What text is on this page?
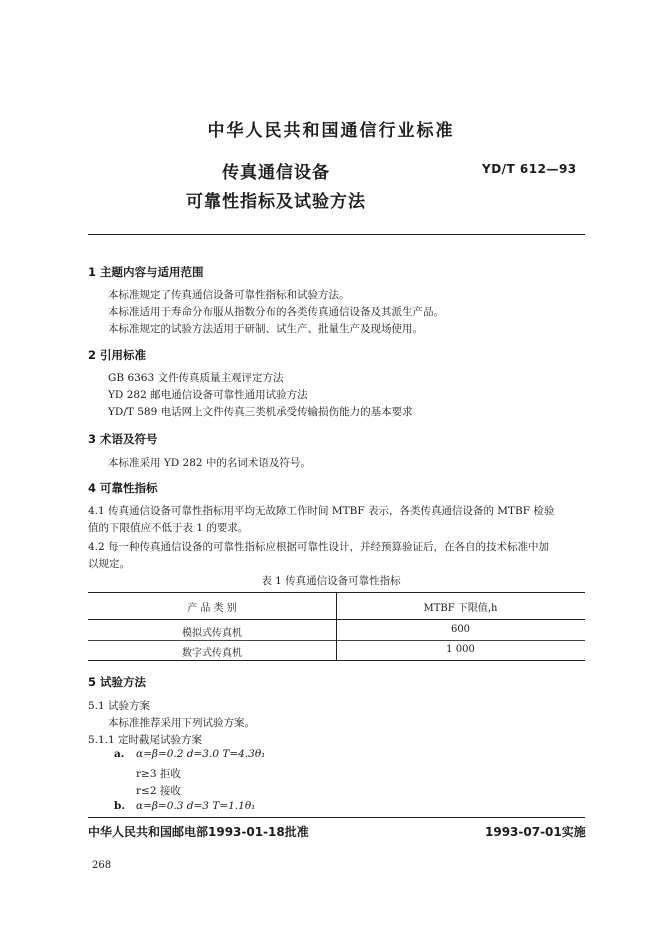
中华人民共和国通信行业标准
传真通信设备
可靠性指标及试验方法
YD/T 612—93
1 主题内容与适用范围
本标准规定了传真通信设备可靠性指标和试验方法。
本标准适用于寿命分布服从指数分布的各类传真通信设备及其派生产品。
本标准规定的试验方法适用于研制、试生产、批量生产及现场使用。
2 引用标准
GB 6363 文件传真质量主观评定方法
YD 282 邮电通信设备可靠性通用试验方法
YD/T 589 电话网上文件传真三类机承受传输损伤能力的基本要求
3 术语及符号
本标准采用 YD 282 中的名词术语及符号。
4 可靠性指标
4.1 传真通信设备可靠性指标用平均无故障工作时间 MTBF 表示，各类传真通信设备的 MTBF 检验
值的下限值应不低于表 1 的要求。
4.2 每一种传真通信设备的可靠性指标应根据可靠性设计，并经预算验证后，在各自的技术标准中加
以规定。
表 1 传真通信设备可靠性指标
产 品 类 别	MTBF 下限值,h
模拟式传真机	600
数字式传真机	1 000
5 试验方法
5.1 试验方案
本标准推荐采用下列试验方案。
5.1.1 定时截尾试验方案
a. α=β=0.2 d=3.0 T=4.3θ₁
r≥3 拒收
r≤2 接收
b. α=β=0.3 d=3 T=1.1θ₁
中华人民共和国邮电部1993-01-18批准	1993-07-01实施
268
